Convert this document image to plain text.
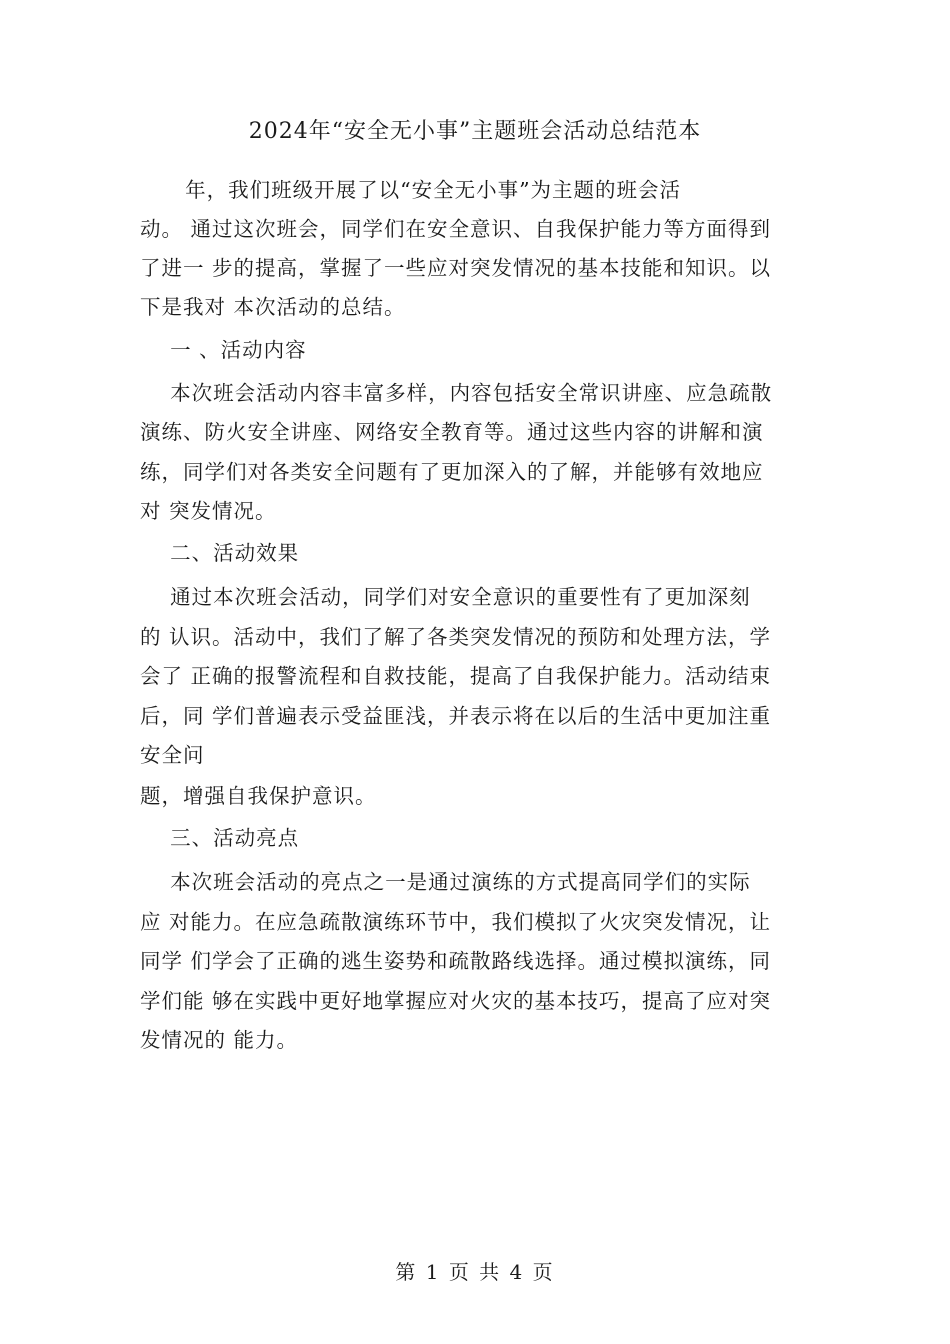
2024年“安全无小事”主题班会活动总结范本
年，我们班级开展了以“安全无小事”为主题的班会活
动。 通过这次班会，同学们在安全意识、自我保护能力等方面得到
了进一 步的提高，掌握了一些应对突发情况的基本技能和知识。以
下是我对 本次活动的总结。
一 、活动内容
本次班会活动内容丰富多样，内容包括安全常识讲座、应急疏散
演练、防火安全讲座、网络安全教育等。通过这些内容的讲解和演
练，同学们对各类安全问题有了更加深入的了解，并能够有效地应
对 突发情况。
二、活动效果
通过本次班会活动，同学们对安全意识的重要性有了更加深刻
的 认识。活动中，我们了解了各类突发情况的预防和处理方法，学
会了 正确的报警流程和自救技能，提高了自我保护能力。活动结束
后，同 学们普遍表示受益匪浅，并表示将在以后的生活中更加注重
安全问
题，增强自我保护意识。
三、活动亮点
本次班会活动的亮点之一是通过演练的方式提高同学们的实际
应 对能力。在应急疏散演练环节中，我们模拟了火灾突发情况，让
同学 们学会了正确的逃生姿势和疏散路线选择。通过模拟演练，同
学们能 够在实践中更好地掌握应对火灾的基本技巧，提高了应对突
发情况的 能力。
第 1 页 共 4 页
